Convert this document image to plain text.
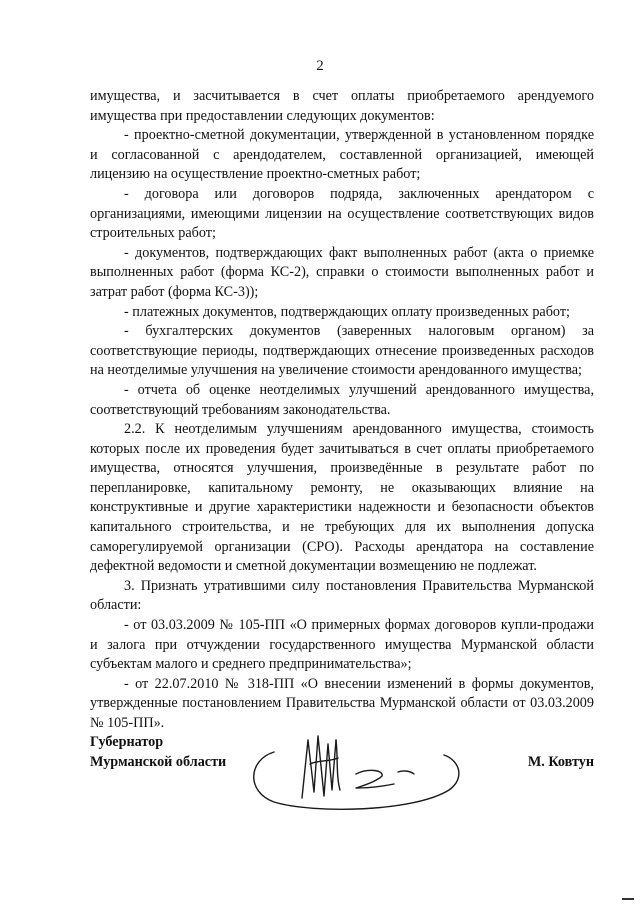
2

имущества, и засчитывается в счет оплаты приобретаемого арендуемого имущества при предоставлении следующих документов:

- проектно-сметной документации, утвержденной в установленном порядке и согласованной с арендодателем, составленной организацией, имеющей лицензию на осуществление проектно-сметных работ;

- договора или договоров подряда, заключенных арендатором с организациями, имеющими лицензии на осуществление соответствующих видов строительных работ;

- документов, подтверждающих факт выполненных работ (акта о приемке выполненных работ (форма КС-2), справки о стоимости выполненных работ и затрат работ (форма КС-3));

- платежных документов, подтверждающих оплату произведенных работ;

- бухгалтерских документов (заверенных налоговым органом) за соответствующие периоды, подтверждающих отнесение произведенных расходов на неотделимые улучшения на увеличение стоимости арендованного имущества;

- отчета об оценке неотделимых улучшений арендованного имущества, соответствующий требованиям законодательства.

2.2. К неотделимым улучшениям арендованного имущества, стоимость которых после их проведения будет зачитываться в счет оплаты приобретаемого имущества, относятся улучшения, произведённые в результате работ по перепланировке, капитальному ремонту, не оказывающих влияние на конструктивные и другие характеристики надежности и безопасности объектов капитального строительства, и не требующих для их выполнения допуска саморегулируемой организации (СРО). Расходы арендатора на составление дефектной ведомости и сметной документации возмещению не подлежат.

3. Признать утратившими силу постановления Правительства Мурманской области:

- от 03.03.2009 № 105-ПП «О примерных формах договоров купли-продажи и залога при отчуждении государственного имущества Мурманской области субъектам малого и среднего предпринимательства»;

- от 22.07.2010 № 318-ПП «О внесении изменений в формы документов, утвержденные постановлением Правительства Мурманской области от 03.03.2009 № 105-ПП».

Губернатор
Мурманской области	М. Ковтун
